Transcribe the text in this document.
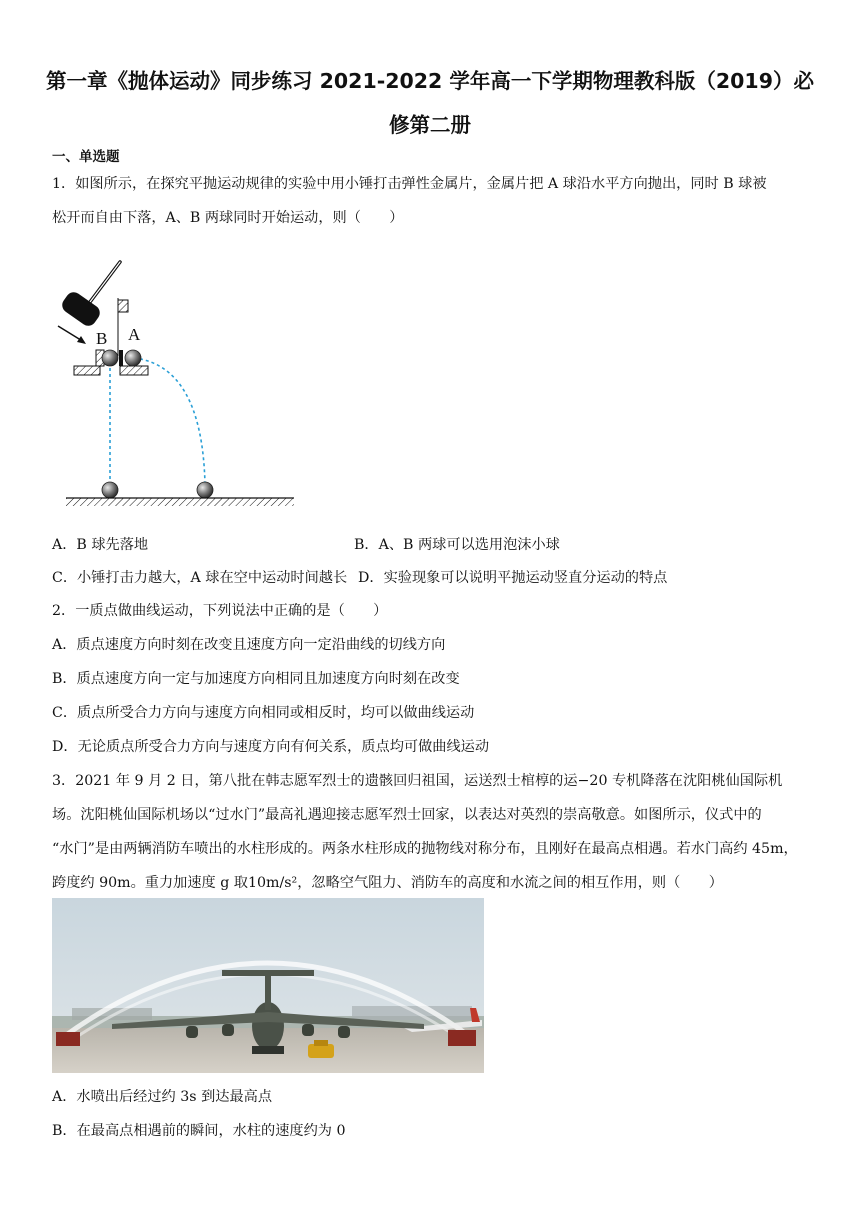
第一章《抛体运动》同步练习 2021-2022 学年高一下学期物理教科版（2019）必
修第二册
一、单选题
1．如图所示，在探究平抛运动规律的实验中用小锤打击弹性金属片，金属片把 A 球沿水平方向抛出，同时 B 球被
松开而自由下落，A、B 两球同时开始运动，则（　　）
B A
A．B 球先落地	B．A、B 两球可以选用泡沫小球
C．小锤打击力越大，A 球在空中运动时间越长 D．实验现象可以说明平抛运动竖直分运动的特点
2．一质点做曲线运动，下列说法中正确的是（　　）
A．质点速度方向时刻在改变且速度方向一定沿曲线的切线方向
B．质点速度方向一定与加速度方向相同且加速度方向时刻在改变
C．质点所受合力方向与速度方向相同或相反时，均可以做曲线运动
D．无论质点所受合力方向与速度方向有何关系，质点均可做曲线运动
3．2021 年 9 月 2 日，第八批在韩志愿军烈士的遗骸回归祖国，运送烈士棺椁的运−20 专机降落在沈阳桃仙国际机
场。沈阳桃仙国际机场以“过水门”最高礼遇迎接志愿军烈士回家，以表达对英烈的崇高敬意。如图所示，仪式中的
“水门”是由两辆消防车喷出的水柱形成的。两条水柱形成的抛物线对称分布，且刚好在最高点相遇。若水门高约 45m，
跨度约 90m。重力加速度 g 取10m/s²，忽略空气阻力、消防车的高度和水流之间的相互作用，则（　　）
A．水喷出后经过约 3s 到达最高点
B．在最高点相遇前的瞬间，水柱的速度约为 0
